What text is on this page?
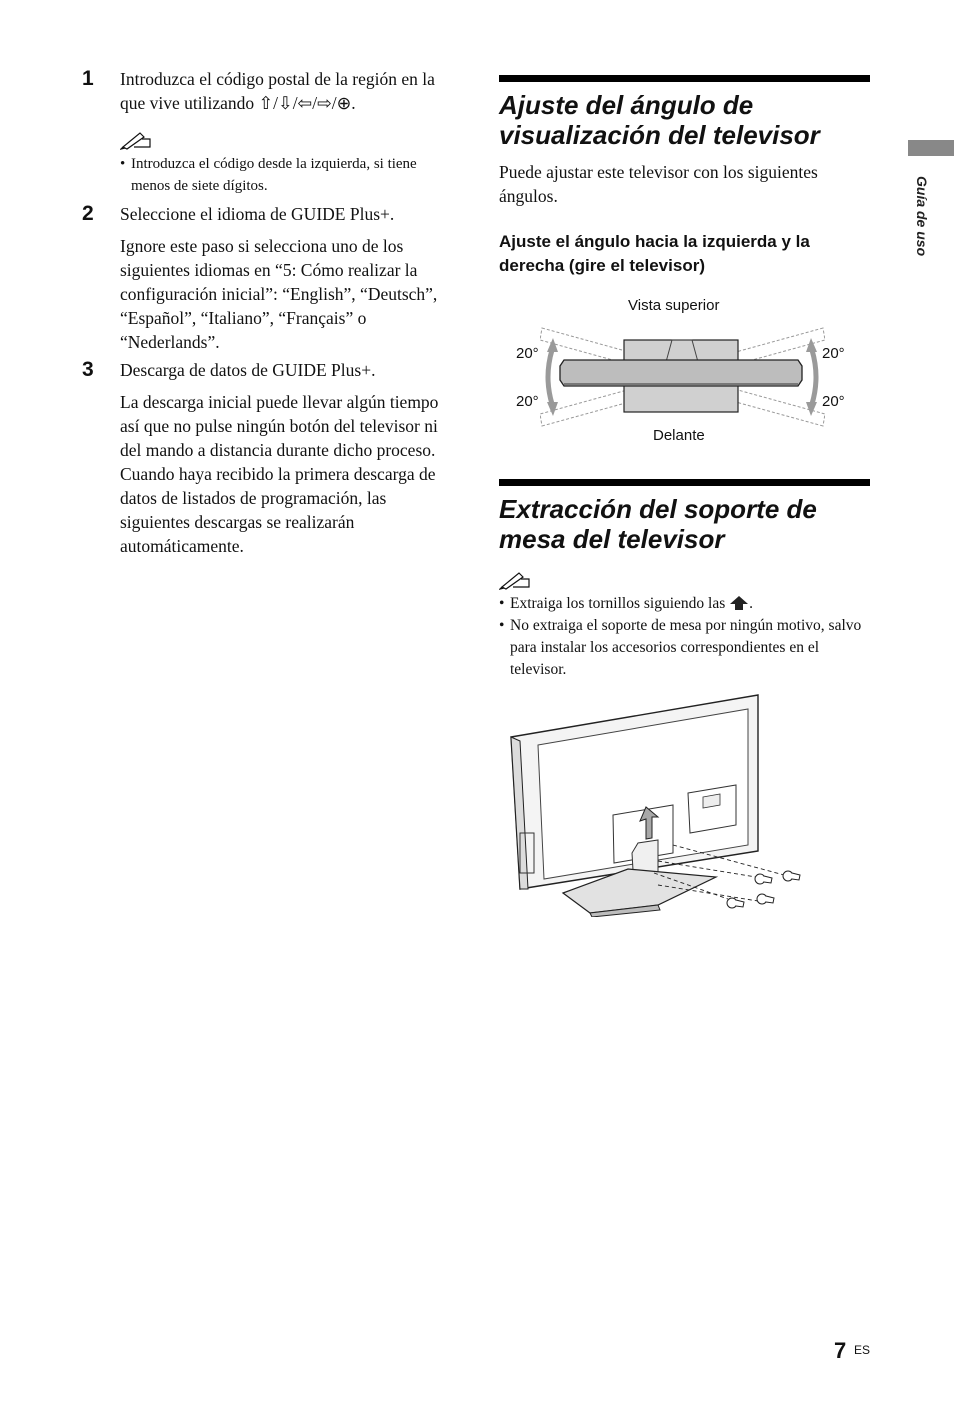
1 Introduzca el código postal de la región en la que vive utilizando ⇧/⇩/⇦/⇨/⊕.
• Introduzca el código desde la izquierda, si tiene menos de siete dígitos.
2 Seleccione el idioma de GUIDE Plus+.
Ignore este paso si selecciona uno de los siguientes idiomas en “5: Cómo realizar la configuración inicial”: “English”, “Deutsch”, “Español”, “Italiano”, “Français” o “Nederlands”.
3 Descarga de datos de GUIDE Plus+.
La descarga inicial puede llevar algún tiempo así que no pulse ningún botón del televisor ni del mando a distancia durante dicho proceso. Cuando haya recibido la primera descarga de datos de listados de programación, las siguientes descargas se realizarán automáticamente.
Ajuste del ángulo de visualización del televisor
Puede ajustar este televisor con los siguientes ángulos.
Ajuste el ángulo hacia la izquierda y la derecha (gire el televisor)
Vista superior
Delante
20°
20°
20°
20°
Extracción del soporte de mesa del televisor
• Extraiga los tornillos siguiendo las .
• No extraiga el soporte de mesa por ningún motivo, salvo para instalar los accesorios correspondientes en el televisor.
Guía de uso
7 ES
